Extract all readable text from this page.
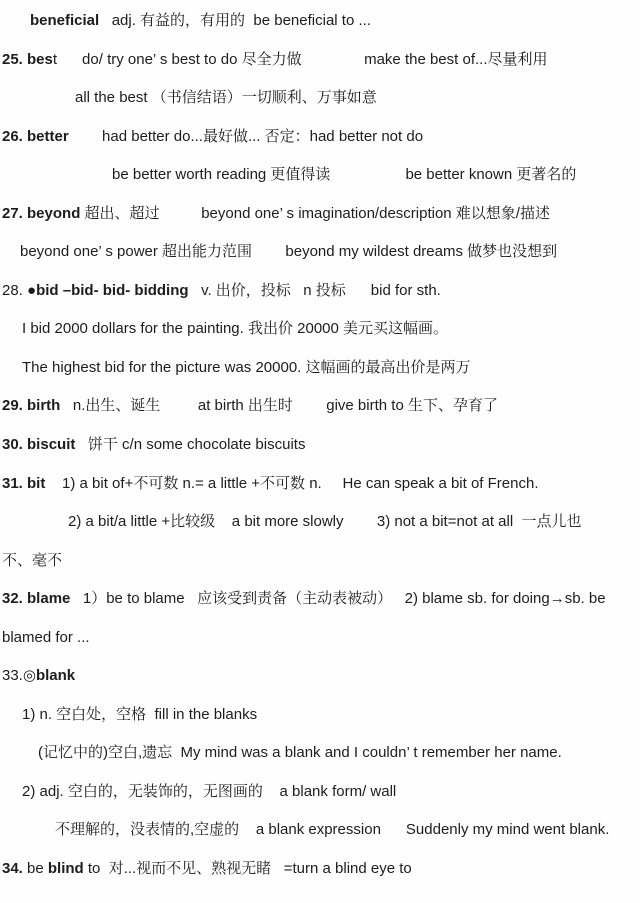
beneficial   adj. 有益的，有用的  be beneficial to ...
25. best      do/ try one’ s best to do 尽全力做               make the best of...尽量利用
all the best （书信结语）一切顺利、万事如意
26. better        had better do...最好做... 否定：had better not do
be better worth reading 更值得读                  be better known 更著名的
27. beyond 超出、超过          beyond one’ s imagination/description 难以想象/描述
beyond one’ s power 超出能力范围        beyond my wildest dreams 做梦也没想到
28. ●bid –bid- bid- bidding   v. 出价，投标   n 投标      bid for sth.
I bid 2000 dollars for the painting. 我出价 20000 美元买这幅画。
The highest bid for the picture was 20000. 这幅画的最高出价是两万
29. birth   n.出生、诞生         at birth 出生时        give birth to 生下、孕育了
30. biscuit   饼干 c/n some chocolate biscuits
31. bit    1) a bit of+不可数 n.= a little +不可数 n.     He can speak a bit of French.
2) a bit/a little +比较级    a bit more slowly        3) not a bit=not at all  一点儿也
不、毫不
32. blame   1）be to blame   应该受到责备（主动表被动）   2) blame sb. for doing→sb. be
blamed for ...
33.◎blank
1) n. 空白处，空格  fill in the blanks
(记忆中的)空白,遗忘  My mind was a blank and I couldn’ t remember her name.
2) adj. 空白的，无装饰的，无图画的    a blank form/ wall
不理解的，没表情的,空虚的    a blank expression      Suddenly my mind went blank.
34. be blind to  对...视而不见、熟视无睹   =turn a blind eye to
